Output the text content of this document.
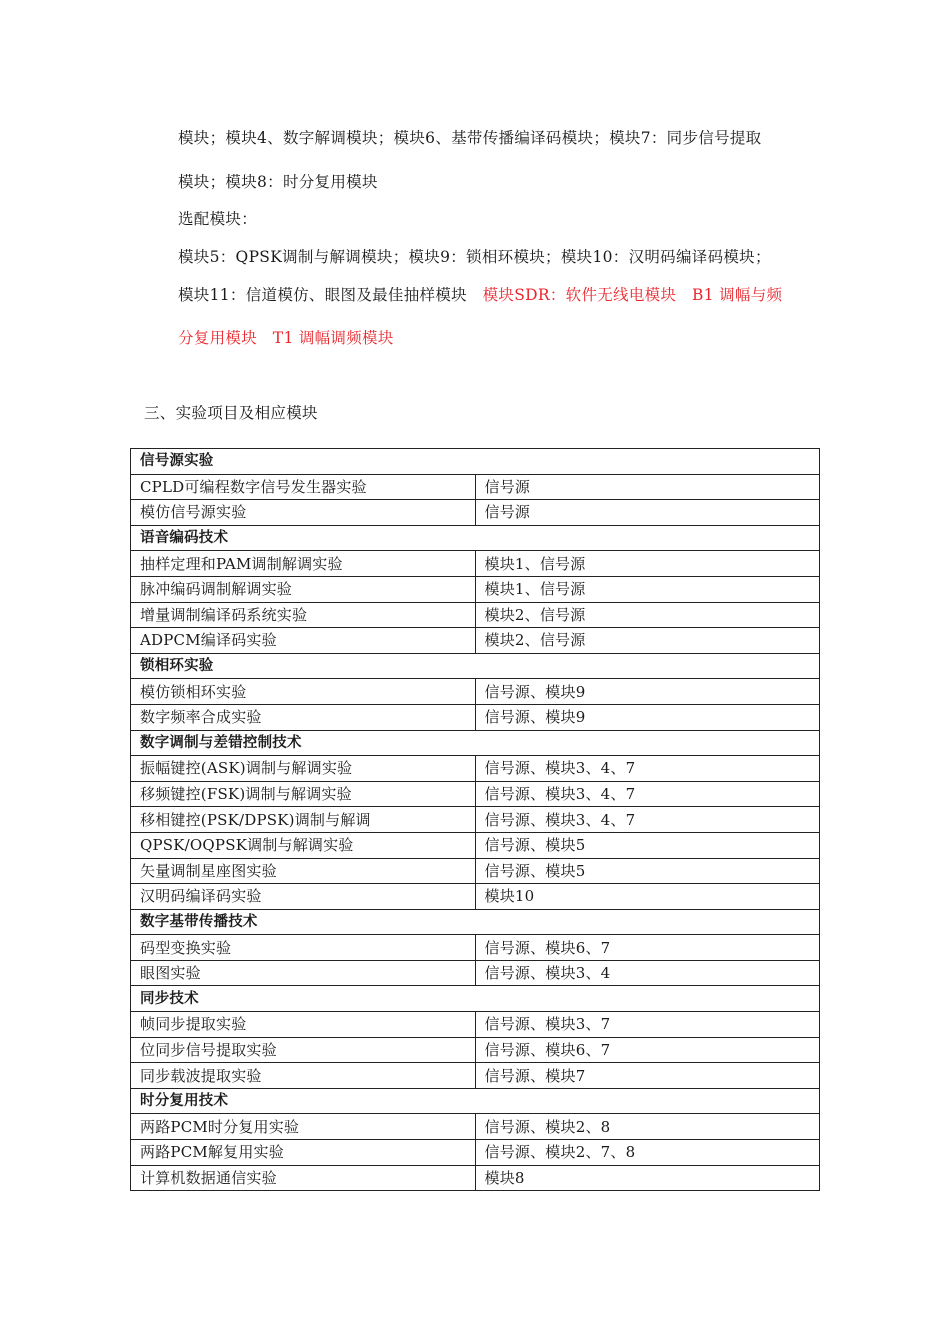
模块；模块4、数字解调模块；模块6、基带传播编译码模块；模块7：同步信号提取
模块；模块8：时分复用模块
选配模块：
模块5：QPSK调制与解调模块；模块9：锁相环模块；模块10：汉明码编译码模块；
模块11：信道模仿、眼图及最佳抽样模块 模块SDR：软件无线电模块　B1 调幅与频
分复用模块　T1 调幅调频模块
三、实验项目及相应模块
信号源实验	
CPLD可编程数字信号发生器实验	信号源
模仿信号源实验	信号源
语音编码技术	
抽样定理和PAM调制解调实验	模块1、信号源
脉冲编码调制解调实验	模块1、信号源
增量调制编译码系统实验	模块2、信号源
ADPCM编译码实验	模块2、信号源
锁相环实验	
模仿锁相环实验	信号源、模块9
数字频率合成实验	信号源、模块9
数字调制与差错控制技术	
振幅键控(ASK)调制与解调实验	信号源、模块3、4、7
移频键控(FSK)调制与解调实验	信号源、模块3、4、7
移相键控(PSK/DPSK)调制与解调	信号源、模块3、4、7
QPSK/OQPSK调制与解调实验	信号源、模块5
矢量调制星座图实验	信号源、模块5
汉明码编译码实验	模块10
数字基带传播技术	
码型变换实验	信号源、模块6、7
眼图实验	信号源、模块3、4
同步技术	
帧同步提取实验	信号源、模块3、7
位同步信号提取实验	信号源、模块6、7
同步载波提取实验	信号源、模块7
时分复用技术	
两路PCM时分复用实验	信号源、模块2、8
两路PCM解复用实验	信号源、模块2、7、8
计算机数据通信实验	模块8
